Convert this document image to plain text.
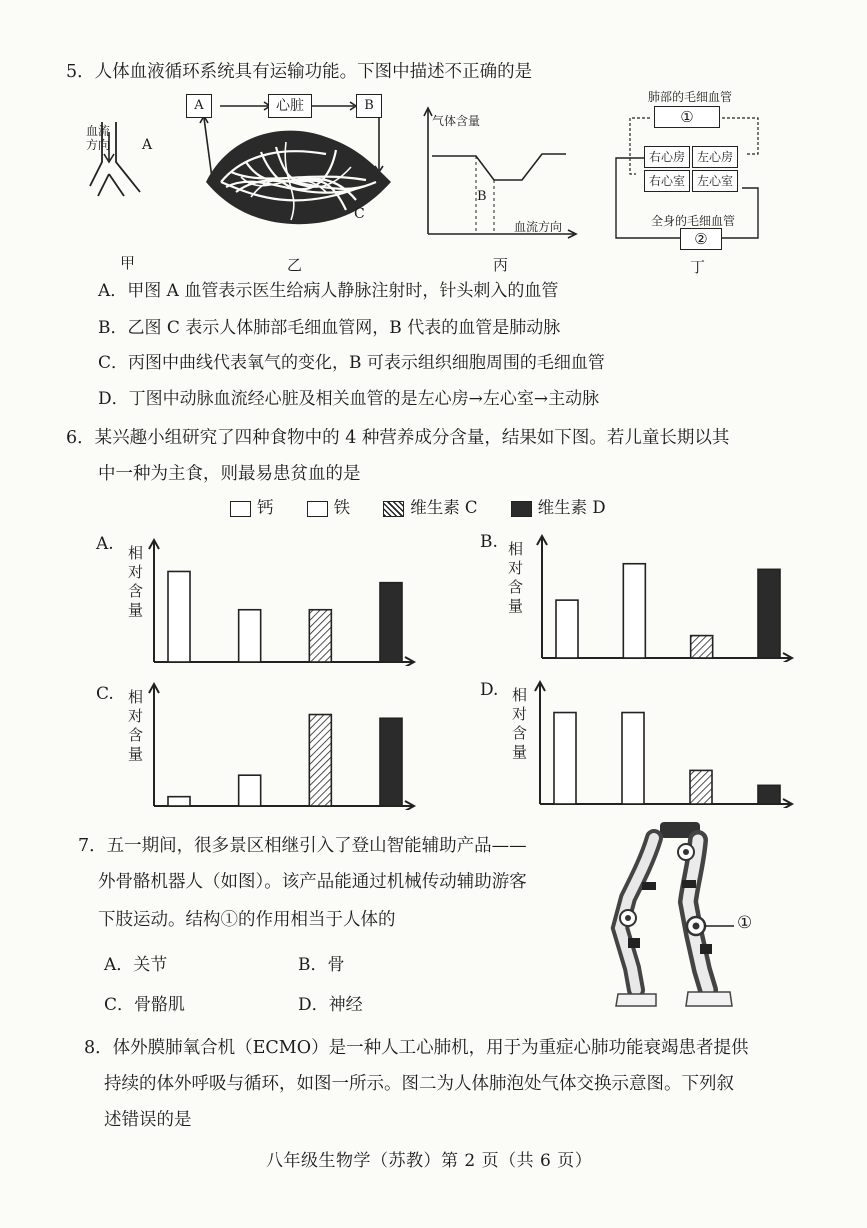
5．人体血液循环系统具有运输功能。下图中描述不正确的是
血流
方向 A
甲
A	心脏	B
C
乙
气体含量
B
血流方向
丙
肺部的毛细血管
①
右心房 左心房
右心室 左心室
全身的毛细血管
②
丁
A．甲图 A 血管表示医生给病人静脉注射时，针头刺入的血管
B．乙图 C 表示人体肺部毛细血管网，B 代表的血管是肺动脉
C．丙图中曲线代表氧气的变化，B 可表示组织细胞周围的毛细血管
D．丁图中动脉血流经心脏及相关血管的是左心房→左心室→主动脉
6．某兴趣小组研究了四种食物中的 4 种营养成分含量，结果如下图。若儿童长期以其
中一种为主食，则最易患贫血的是
钙	铁	维生素 C	维生素 D
A. 相
对
含
量
B. 相
对
含
量
C. 相
对
含
量
D. 相
对
含
量
7．五一期间，很多景区相继引入了登山智能辅助产品——
外骨骼机器人（如图）。该产品能通过机械传动辅助游客
下肢运动。结构①的作用相当于人体的
A．关节	B．骨
C．骨骼肌	D．神经
①
8．体外膜肺氧合机（ECMO）是一种人工心肺机，用于为重症心肺功能衰竭患者提供
持续的体外呼吸与循环，如图一所示。图二为人体肺泡处气体交换示意图。下列叙
述错误的是
八年级生物学（苏教）第 2 页（共 6 页）
